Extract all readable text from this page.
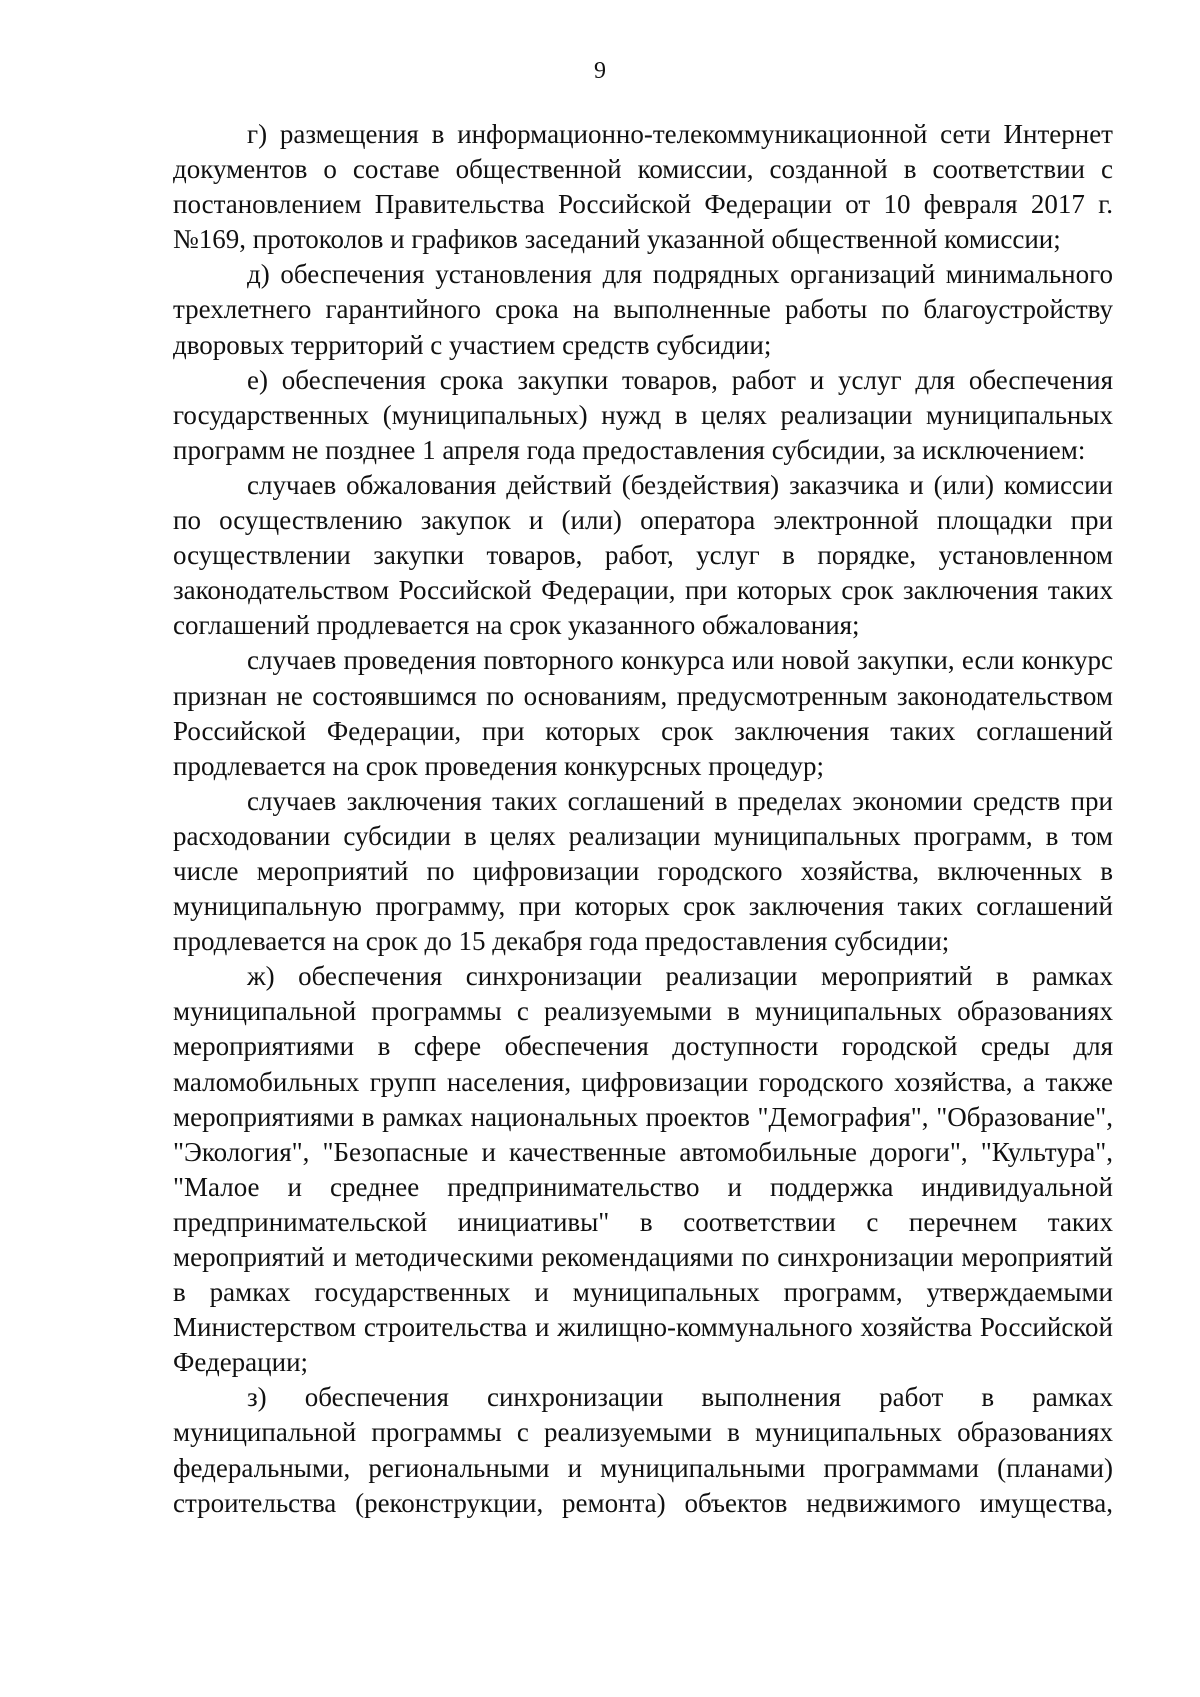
9

г) размещения в информационно-телекоммуникационной сети Интернет документов о составе общественной комиссии, созданной в соответствии с постановлением Правительства Российской Федерации от 10 февраля 2017 г. №169, протоколов и графиков заседаний указанной общественной комиссии;

д) обеспечения установления для подрядных организаций минимального трехлетнего гарантийного срока на выполненные работы по благоустройству дворовых территорий с участием средств субсидии;

е) обеспечения срока закупки товаров, работ и услуг для обеспечения государственных (муниципальных) нужд в целях реализации муниципальных программ не позднее 1 апреля года предоставления субсидии, за исключением:

случаев обжалования действий (бездействия) заказчика и (или) комиссии по осуществлению закупок и (или) оператора электронной площадки при осуществлении закупки товаров, работ, услуг в порядке, установленном законодательством Российской Федерации, при которых срок заключения таких соглашений продлевается на срок указанного обжалования;

случаев проведения повторного конкурса или новой закупки, если конкурс признан не состоявшимся по основаниям, предусмотренным законодательством Российской Федерации, при которых срок заключения таких соглашений продлевается на срок проведения конкурсных процедур;

случаев заключения таких соглашений в пределах экономии средств при расходовании субсидии в целях реализации муниципальных программ, в том числе мероприятий по цифровизации городского хозяйства, включенных в муниципальную программу, при которых срок заключения таких соглашений продлевается на срок до 15 декабря года предоставления субсидии;

ж) обеспечения синхронизации реализации мероприятий в рамках муниципальной программы с реализуемыми в муниципальных образованиях мероприятиями в сфере обеспечения доступности городской среды для маломобильных групп населения, цифровизации городского хозяйства, а также мероприятиями в рамках национальных проектов "Демография", "Образование", "Экология", "Безопасные и качественные автомобильные дороги", "Культура", "Малое и среднее предпринимательство и поддержка индивидуальной предпринимательской инициативы" в соответствии с перечнем таких мероприятий и методическими рекомендациями по синхронизации мероприятий в рамках государственных и муниципальных программ, утверждаемыми Министерством строительства и жилищно-коммунального хозяйства Российской Федерации;

з) обеспечения синхронизации выполнения работ в рамках муниципальной программы с реализуемыми в муниципальных образованиях федеральными, региональными и муниципальными программами (планами) строительства (реконструкции, ремонта) объектов недвижимого имущества,
